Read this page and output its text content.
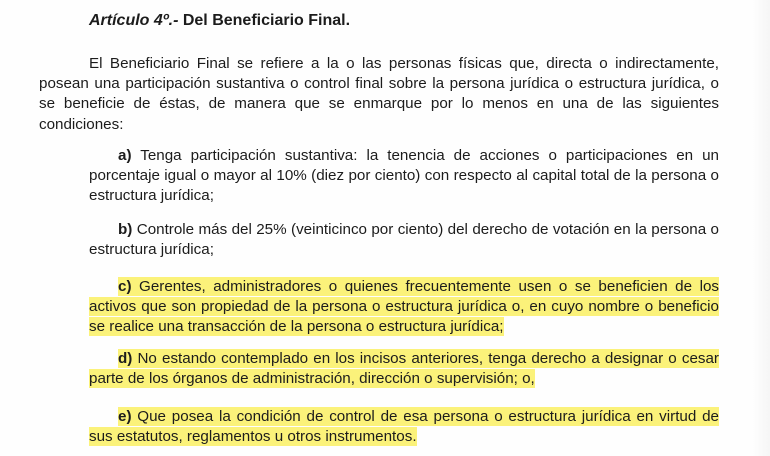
Artículo 4º.- Del Beneficiario Final.
El Beneficiario Final se refiere a la o las personas físicas que, directa o indirectamente, posean una participación sustantiva o control final sobre la persona jurídica o estructura jurídica, o se beneficie de éstas, de manera que se enmarque por lo menos en una de las siguientes condiciones:
a) Tenga participación sustantiva: la tenencia de acciones o participaciones en un porcentaje igual o mayor al 10% (diez por ciento) con respecto al capital total de la persona o estructura jurídica;
b) Controle más del 25% (veinticinco por ciento) del derecho de votación en la persona o estructura jurídica;
c) Gerentes, administradores o quienes frecuentemente usen o se beneficien de los activos que son propiedad de la persona o estructura jurídica o, en cuyo nombre o beneficio se realice una transacción de la persona o estructura jurídica;
d) No estando contemplado en los incisos anteriores, tenga derecho a designar o cesar parte de los órganos de administración, dirección o supervisión; o,
e) Que posea la condición de control de esa persona o estructura jurídica en virtud de sus estatutos, reglamentos u otros instrumentos.
